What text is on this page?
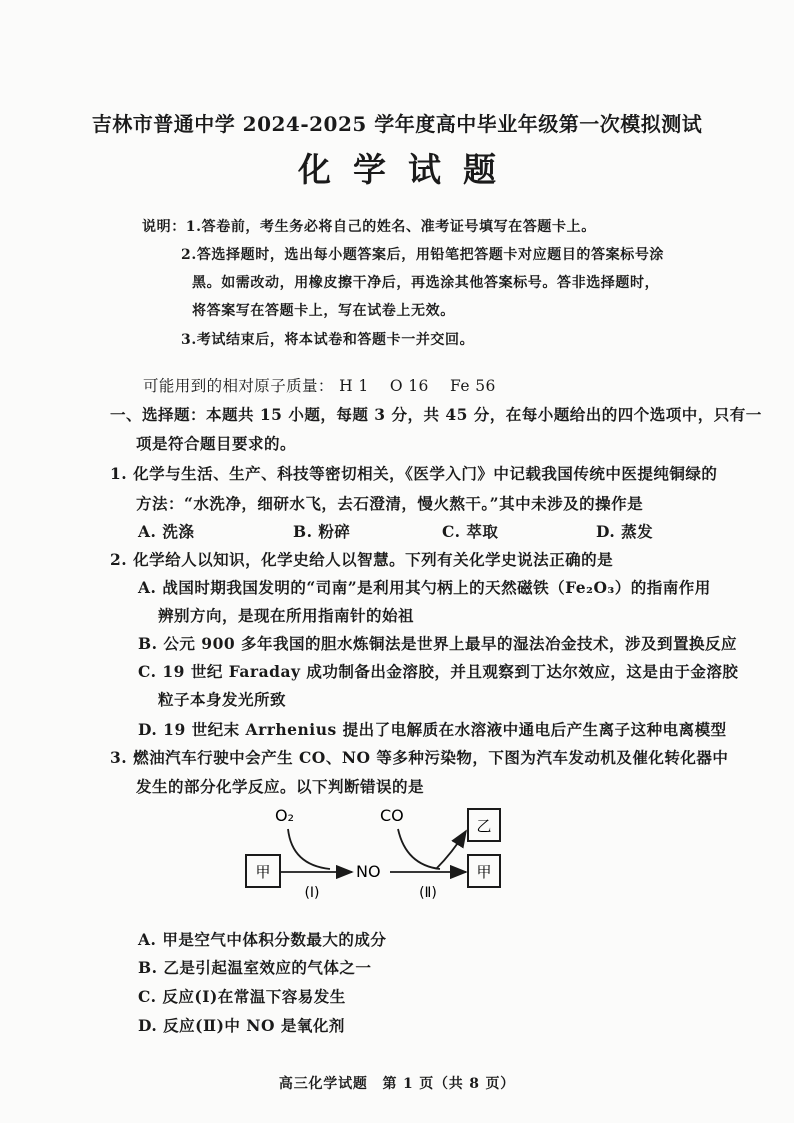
吉林市普通中学 2024-2025 学年度高中毕业年级第一次模拟测试
化学试题
说明：1.答卷前，考生务必将自己的姓名、准考证号填写在答题卡上。
2.答选择题时，选出每小题答案后，用铅笔把答题卡对应题目的答案标号涂
黑。如需改动，用橡皮擦干净后，再选涂其他答案标号。答非选择题时，
将答案写在答题卡上，写在试卷上无效。
3.考试结束后，将本试卷和答题卡一并交回。
可能用到的相对原子质量： H 1　 O 16　 Fe 56
一、选择题：本题共 15 小题，每题 3 分，共 45 分，在每小题给出的四个选项中，只有一
项是符合题目要求的。
1. 化学与生活、生产、科技等密切相关，《医学入门》中记载我国传统中医提纯铜绿的
方法：“水洗净，细研水飞，去石澄清，慢火熬干。”其中未涉及的操作是
A. 洗涤	B. 粉碎	C. 萃取	D. 蒸发
2. 化学给人以知识，化学史给人以智慧。下列有关化学史说法正确的是
A. 战国时期我国发明的“司南”是利用其勺柄上的天然磁铁（Fe₂O₃）的指南作用
辨别方向，是现在所用指南针的始祖
B. 公元 900 多年我国的胆水炼铜法是世界上最早的湿法冶金技术，涉及到置换反应
C. 19 世纪 Faraday 成功制备出金溶胶，并且观察到丁达尔效应，这是由于金溶胶
粒子本身发光所致
D. 19 世纪末 Arrhenius 提出了电解质在水溶液中通电后产生离子这种电离模型
3. 燃油汽车行驶中会产生 CO、NO 等多种污染物，下图为汽车发动机及催化转化器中
发生的部分化学反应。以下判断错误的是
甲
O₂
(Ⅰ)
NO
CO
(Ⅱ)
乙
甲
A. 甲是空气中体积分数最大的成分
B. 乙是引起温室效应的气体之一
C. 反应(Ⅰ)在常温下容易发生
D. 反应(Ⅱ)中 NO 是氧化剂
高三化学试题　第 1 页（共 8 页）
